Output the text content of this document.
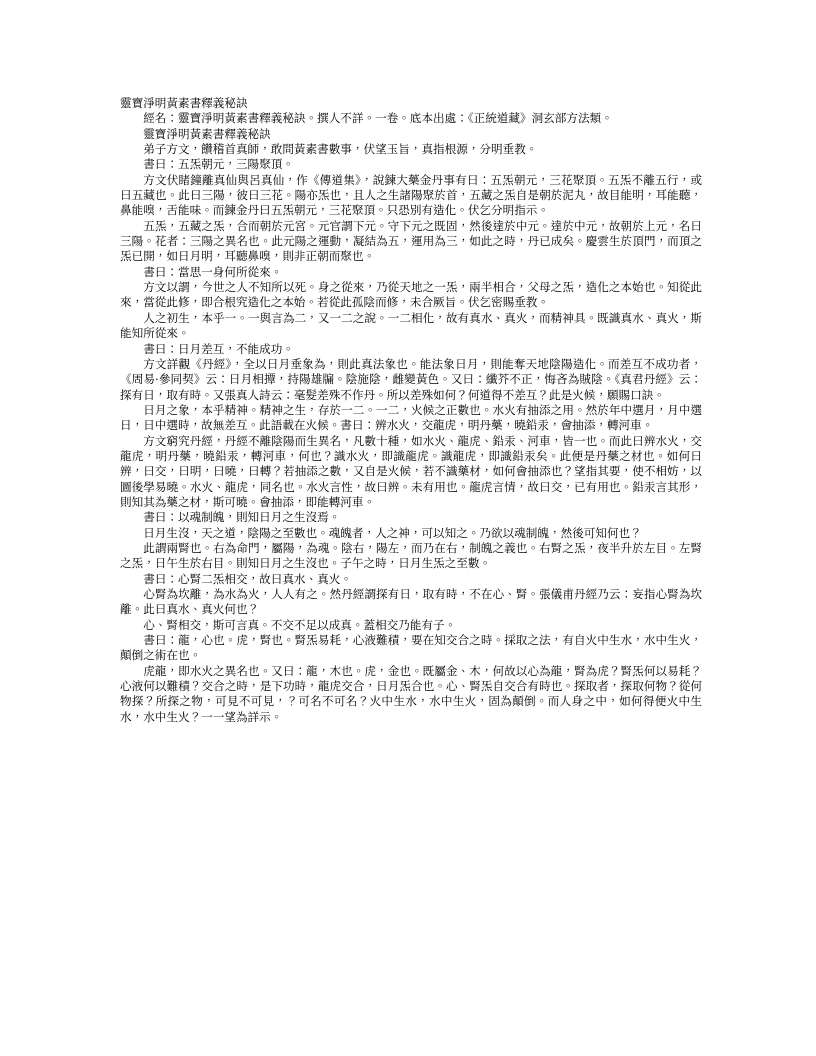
靈寶淨明黃素書釋義秘訣

經名：靈寶淨明黃素書釋義秘訣。撰人不詳。一卷。底本出處：《正統道藏》洞玄部方法類。

靈寶淨明黃素書釋義秘訣

弟子方文，饡稽首真師，敢問黃素書數事，伏望玉旨，真指根源，分明垂教。

書曰：五炁朝元，三陽聚頂。

方文伏睹鐘離真仙與呂真仙，作《傳道集》，說鍊大藥金丹事有曰：五炁朝元，三花聚頂。五炁不離五行，或曰五藏也。此曰三陽，彼曰三花。陽亦炁也，且人之生諸陽聚於首，五藏之炁自是朝於泥丸，故目能明，耳能聽，鼻能嗅，舌能味。而鍊金丹曰五炁朝元，三花聚頂。只恐別有造化。伏乞分明指示。

五炁，五藏之炁，合而朝於元宮。元官謂下元。守下元之既固，然後達於中元。達於中元，故朝於上元，名曰三陽。花者：三陽之異名也。此元陽之運動，凝結為五，運用為三，如此之時，丹已成矣。慶雲生於頂門，而頂之炁已開，如日月明，耳聽鼻嗅，則非正朝而聚也。

書曰：當思一身何所從來。

方文以謂，今世之人不知所以死。身之從來，乃從天地之一炁，兩半相合，父母之炁，造化之本始也。知從此來，當從此修，即合根究造化之本始。若從此孤陰而修，未合厥旨。伏乞密賜垂教。

人之初生，本乎一。一與言為二，又一二之說。一二相化，故有真水、真火，而精神具。既識真水、真火，斯能知所從來。

書曰：日月差互，不能成功。

方文詳觀《丹經》，全以日月垂象為，則此真法象也。能法象日月，則能奪天地陰陽造化。而差互不成功者，《周易·參同契》云：日月相撢，持陽雄牖。陰施陰，雌變黃色。又曰：纖芥不正，悔吝為賊陰。《真君丹經》云：探有日，取有時。又張真人詩云：毫髮差殊不作丹。所以差殊如何？何道得不差互？此是火候，願賜口訣。

日月之象，本乎精神。精神之生，存於一二。一二，火候之正數也。水火有抽添之用。然於年中選月，月中選日，日中選時，故無差互。此語載在火候。書曰：辨水火，交龍虎，明丹藥，曉鉛汞，會抽添，轉河車。

方文窮究丹經，丹經不離陰陽而生異名，凡數十種，如水火、龍虎、鉛汞、河車，皆一也。而此曰辨水火，交龍虎，明丹藥，曉鉛汞，轉河車，何也？識水火，即識龍虎。識龍虎，即識鉛汞矣。此便是丹藥之材也。如何曰辨，曰交，曰明，曰曉，曰轉？若抽添之數，又自是火候，若不識藥材，如何會抽添也？望指其要，使不相妨，以圖後學易曉。水火、龍虎，同名也。水火言性，故曰辨。未有用也。龍虎言情，故曰交，已有用也。鉛汞言其形，則知其為藥之材，斯可曉。會抽添，即能轉河車。

書曰：以魂制魄，則知日月之生沒焉。

日月生沒，天之道，陰陽之至數也。魂魄者，人之神，可以知之。乃欲以魂制魄，然後可知何也？

此謂兩腎也。右為命門，屬陽，為魂。陰右，陽左，而乃在右，制魄之義也。右腎之炁，夜半升於左目。左腎之炁，日午生於右目。則知日月之生沒也。子午之時，日月生炁之至數。

書曰：心腎二炁相交，故曰真水、真火。

心腎為坎離，為水為火，人人有之。然丹經謂探有日，取有時，不在心、腎。張儀甫丹經乃云：妄指心腎為坎離。此曰真水、真火何也？

心、腎相交，斯可言真。不交不足以成真。蓋相交乃能有子。

書曰：龍，心也。虎，腎也。腎炁易耗，心液難積，要在知交合之時。採取之法，有自火中生水，水中生火，顛倒之術在也。

虎龍，即水火之異名也。又曰：龍，木也。虎，金也。既屬金、木，何故以心為龍，腎為虎？腎炁何以易耗？心液何以難積？交合之時，是下功時，龍虎交合，日月炁合也。心、腎炁自交合有時也。探取者，探取何物？從何物探？所探之物，可見不可見，？可名不可名？火中生水，水中生火，固為顛倒。而人身之中，如何得便火中生水，水中生火？一一望為詳示。
